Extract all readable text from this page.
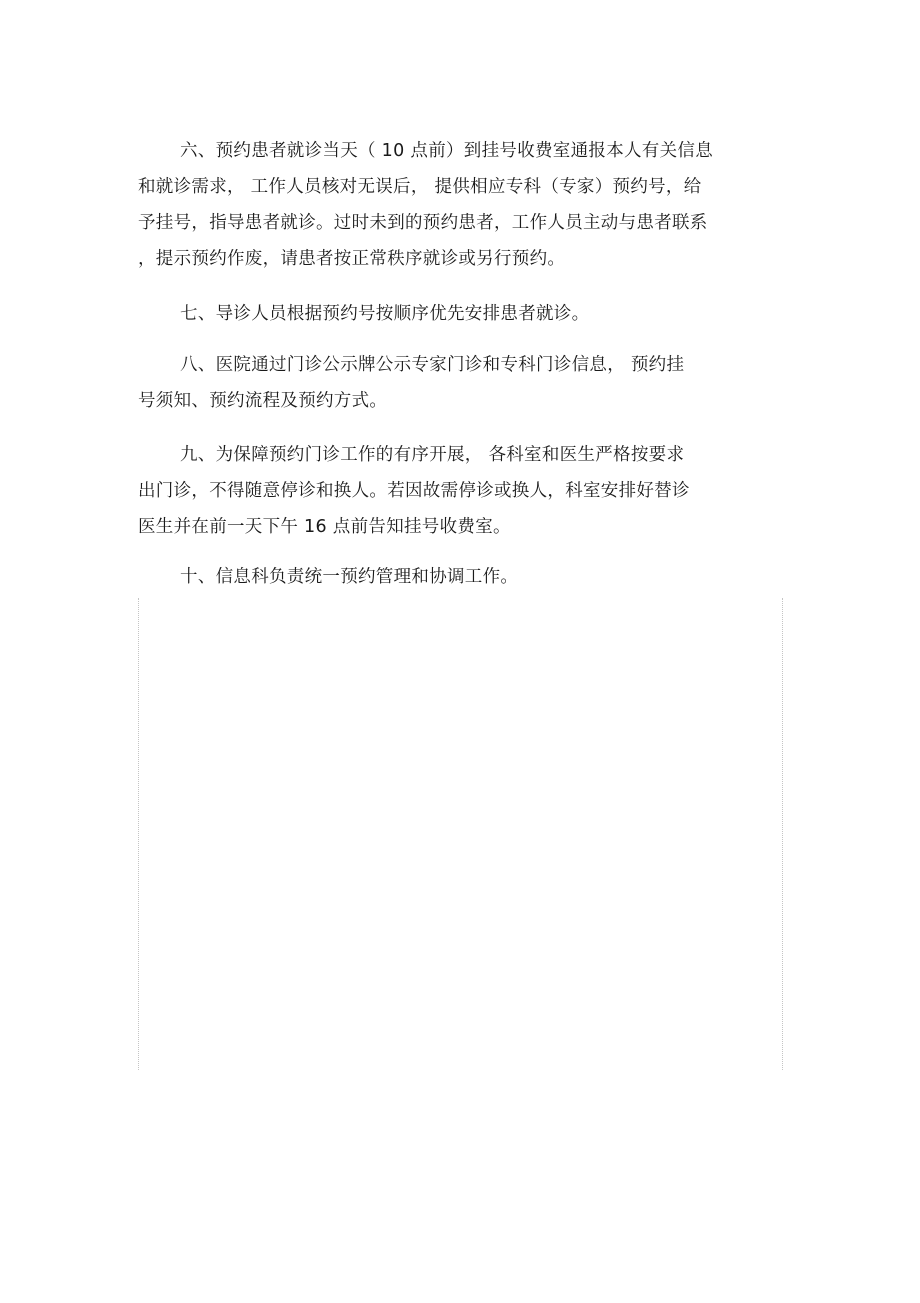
六、预约患者就诊当天（ 10 点前）到挂号收费室通报本人有关信息
和就诊需求， 工作人员核对无误后， 提供相应专科（专家）预约号，给
予挂号，指导患者就诊。过时未到的预约患者，工作人员主动与患者联系
，提示预约作废，请患者按正常秩序就诊或另行预约。
七、导诊人员根据预约号按顺序优先安排患者就诊。
八、医院通过门诊公示牌公示专家门诊和专科门诊信息， 预约挂
号须知、预约流程及预约方式。
九、为保障预约门诊工作的有序开展， 各科室和医生严格按要求
出门诊，不得随意停诊和换人。若因故需停诊或换人，科室安排好替诊
医生并在前一天下午 16 点前告知挂号收费室。
十、信息科负责统一预约管理和协调工作。
